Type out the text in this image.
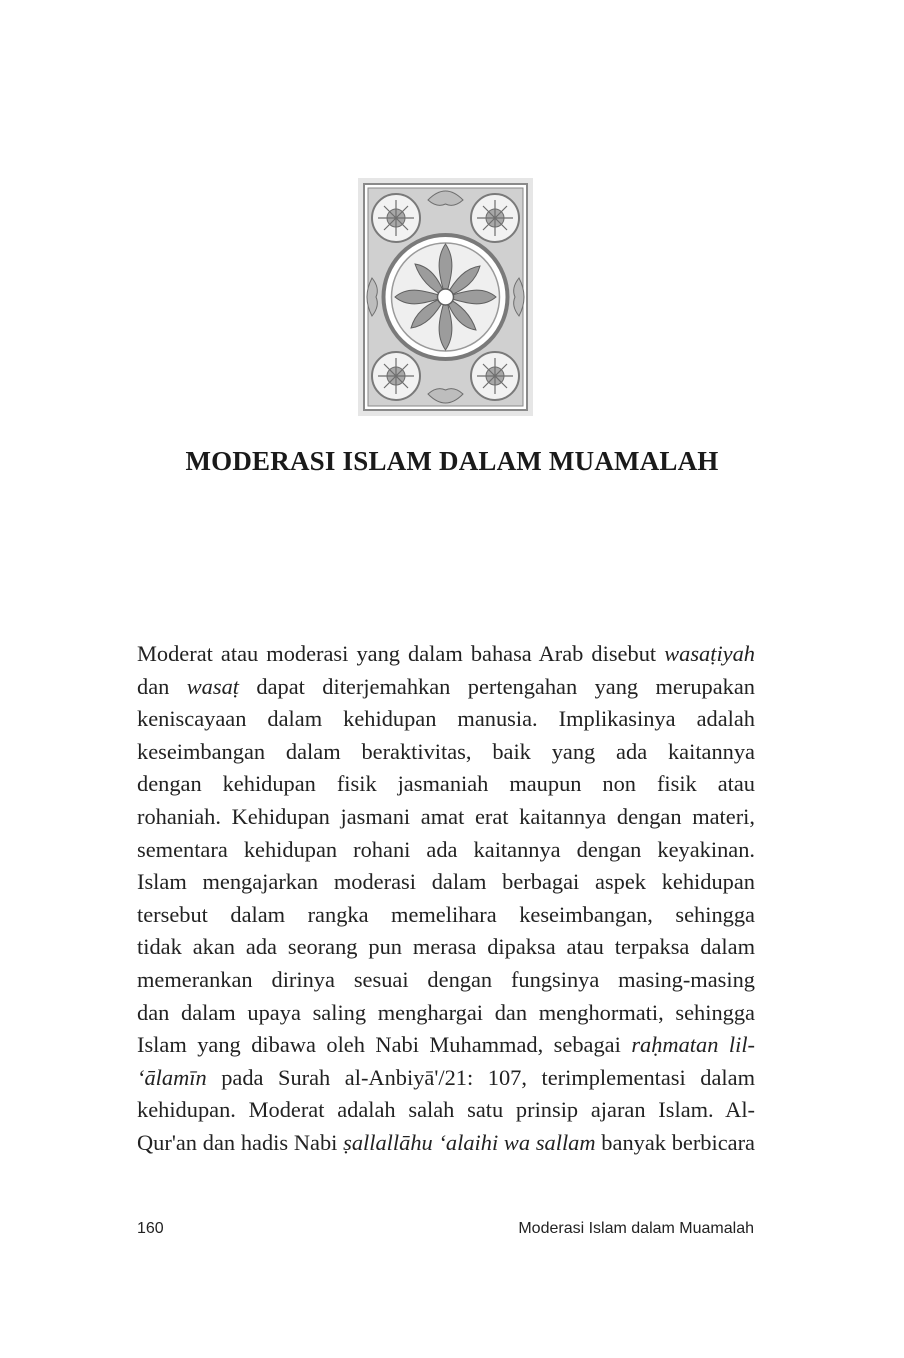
MODERASI ISLAM DALAM MUAMALAH
Moderat atau moderasi yang dalam bahasa Arab disebut wasaṭiyah
dan wasaṭ dapat diterjemahkan pertengahan yang merupakan
keniscayaan dalam kehidupan manusia. Implikasinya adalah
keseimbangan dalam beraktivitas, baik yang ada kaitannya
dengan kehidupan fisik jasmaniah maupun non fisik atau
rohaniah. Kehidupan jasmani amat erat kaitannya dengan materi,
sementara kehidupan rohani ada kaitannya dengan keyakinan.
Islam mengajarkan moderasi dalam berbagai aspek kehidupan
tersebut dalam rangka memelihara keseimbangan, sehingga
tidak akan ada seorang pun merasa dipaksa atau terpaksa dalam
memerankan dirinya sesuai dengan fungsinya masing-masing
dan dalam upaya saling menghargai dan menghormati, sehingga
Islam yang dibawa oleh Nabi Muhammad, sebagai raḥmatan lil-
‘ālamīn pada Surah al-Anbiyā'/21: 107, terimplementasi dalam
kehidupan. Moderat adalah salah satu prinsip ajaran Islam. Al-
Qur'an dan hadis Nabi ṣallallāhu ‘alaihi wa sallam banyak berbicara
160	Moderasi Islam dalam Muamalah
